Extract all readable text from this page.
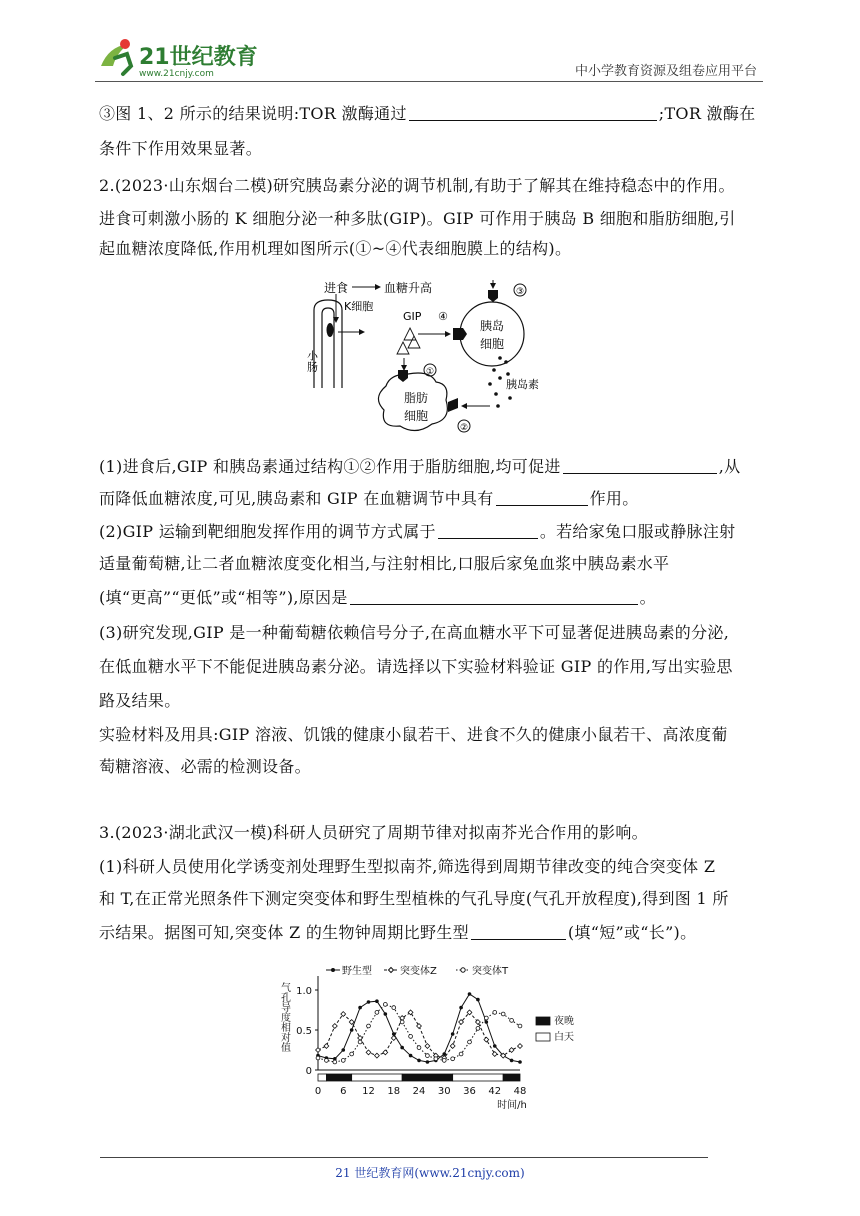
21世纪教育
www.21cnjy.com	中小学教育资源及组卷应用平台
③图 1、2 所示的结果说明:TOR 激酶通过	;TOR 激酶在
条件下作用效果显著。
2.(2023·山东烟台二模)研究胰岛素分泌的调节机制,有助于了解其在维持稳态中的作用。
进食可刺激小肠的 K 细胞分泌一种多肽(GIP)。GIP 可作用于胰岛 B 细胞和脂肪细胞,引
起血糖浓度降低,作用机理如图所示(①~④代表细胞膜上的结构)。
进食	血糖升高
K细胞
小肠
GIP ④
胰岛
细胞
③
胰岛素
①
脂肪
细胞
②
(1)进食后,GIP 和胰岛素通过结构①②作用于脂肪细胞,均可促进	,从
而降低血糖浓度,可见,胰岛素和 GIP 在血糖调节中具有	作用。
(2)GIP 运输到靶细胞发挥作用的调节方式属于	。若给家兔口服或静脉注射
适量葡萄糖,让二者血糖浓度变化相当,与注射相比,口服后家兔血浆中胰岛素水平
(填“更高”“更低”或“相等”),原因是	。
(3)研究发现,GIP 是一种葡萄糖依赖信号分子,在高血糖水平下可显著促进胰岛素的分泌,
在低血糖水平下不能促进胰岛素分泌。请选择以下实验材料验证 GIP 的作用,写出实验思
路及结果。
实验材料及用具:GIP 溶液、饥饿的健康小鼠若干、进食不久的健康小鼠若干、高浓度葡
萄糖溶液、必需的检测设备。
3.(2023·湖北武汉一模)科研人员研究了周期节律对拟南芥光合作用的影响。
(1)科研人员使用化学诱变剂处理野生型拟南芥,筛选得到周期节律改变的纯合突变体 Z
和 T,在正常光照条件下测定突变体和野生型植株的气孔导度(气孔开放程度),得到图 1 所
示结果。据图可知,突变体 Z 的生物钟周期比野生型	(填“短”或“长”)。
0
0.5
1.0
0 6 12 18 24 30 36 42 48
时间/h
气孔导度相对值
野生型	突变体Z	突变体T
夜晚
白天
21 世纪教育网(www.21cnjy.com)
